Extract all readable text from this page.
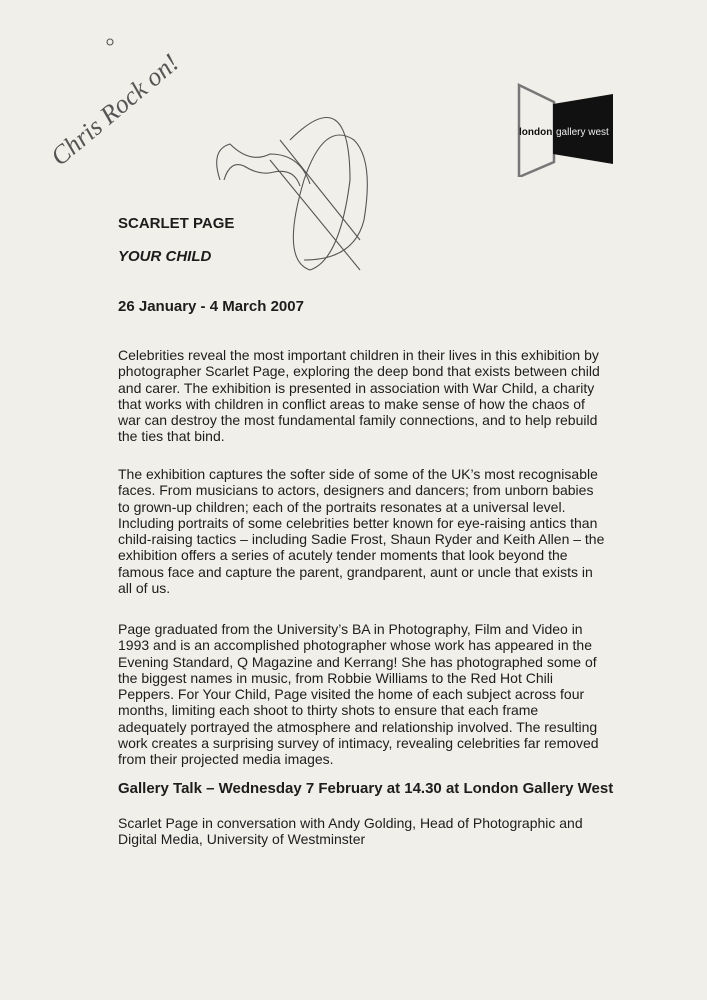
Chris Rock on!	london gallery west
SCARLET PAGE
YOUR CHILD
26 January - 4 March 2007
Celebrities reveal the most important children in their lives in this exhibition by
photographer Scarlet Page, exploring the deep bond that exists between child
and carer. The exhibition is presented in association with War Child, a charity
that works with children in conflict areas to make sense of how the chaos of
war can destroy the most fundamental family connections, and to help rebuild
the ties that bind.
The exhibition captures the softer side of some of the UK’s most recognisable
faces. From musicians to actors, designers and dancers; from unborn babies
to grown-up children; each of the portraits resonates at a universal level.
Including portraits of some celebrities better known for eye-raising antics than
child-raising tactics – including Sadie Frost, Shaun Ryder and Keith Allen – the
exhibition offers a series of acutely tender moments that look beyond the
famous face and capture the parent, grandparent, aunt or uncle that exists in
all of us.
Page graduated from the University’s BA in Photography, Film and Video in
1993 and is an accomplished photographer whose work has appeared in the
Evening Standard, Q Magazine and Kerrang! She has photographed some of
the biggest names in music, from Robbie Williams to the Red Hot Chili
Peppers. For Your Child, Page visited the home of each subject across four
months, limiting each shoot to thirty shots to ensure that each frame
adequately portrayed the atmosphere and relationship involved. The resulting
work creates a surprising survey of intimacy, revealing celebrities far removed
from their projected media images.
Gallery Talk – Wednesday 7 February at 14.30 at London Gallery West
Scarlet Page in conversation with Andy Golding, Head of Photographic and
Digital Media, University of Westminster
